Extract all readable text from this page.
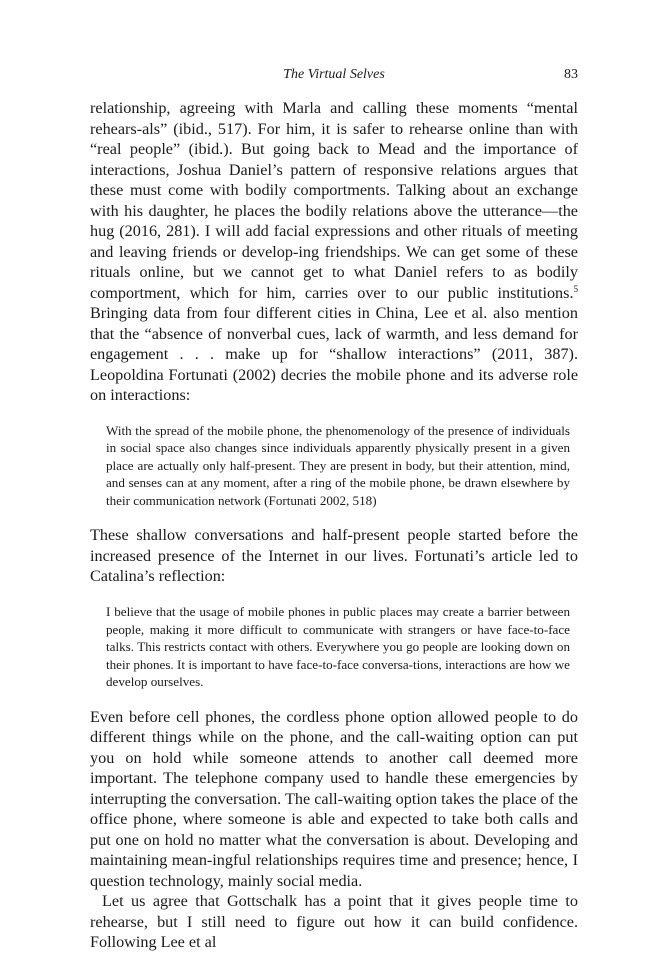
The Virtual Selves	83

relationship, agreeing with Marla and calling these moments “mental rehears-als” (ibid., 517). For him, it is safer to rehearse online than with “real people” (ibid.). But going back to Mead and the importance of interactions, Joshua Daniel’s pattern of responsive relations argues that these must come with bodily comportments. Talking about an exchange with his daughter, he places the bodily relations above the utterance—the hug (2016, 281). I will add facial expressions and other rituals of meeting and leaving friends or develop-ing friendships. We can get some of these rituals online, but we cannot get to what Daniel refers to as bodily comportment, which for him, carries over to our public institutions.$^5$ Bringing data from four different cities in China, Lee et al. also mention that the “absence of nonverbal cues, lack of warmth, and less demand for engagement . . . make up for “shallow interactions” (2011, 387). Leopoldina Fortunati (2002) decries the mobile phone and its adverse role on interactions:

With the spread of the mobile phone, the phenomenology of the presence of individuals in social space also changes since individuals apparently physically present in a given place are actually only half-present. They are present in body, but their attention, mind, and senses can at any moment, after a ring of the mobile phone, be drawn elsewhere by their communication network (Fortunati 2002, 518)

These shallow conversations and half-present people started before the increased presence of the Internet in our lives. Fortunati’s article led to Catalina’s reflection:

I believe that the usage of mobile phones in public places may create a barrier between people, making it more difficult to communicate with strangers or have face-to-face talks. This restricts contact with others. Everywhere you go people are looking down on their phones. It is important to have face-to-face conversa-tions, interactions are how we develop ourselves.

Even before cell phones, the cordless phone option allowed people to do different things while on the phone, and the call-waiting option can put you on hold while someone attends to another call deemed more important. The telephone company used to handle these emergencies by interrupting the conversation. The call-waiting option takes the place of the office phone, where someone is able and expected to take both calls and put one on hold no matter what the conversation is about. Developing and maintaining mean-ingful relationships requires time and presence; hence, I question technology, mainly social media.

Let us agree that Gottschalk has a point that it gives people time to rehearse, but I still need to figure out how it can build confidence. Following Lee et al
